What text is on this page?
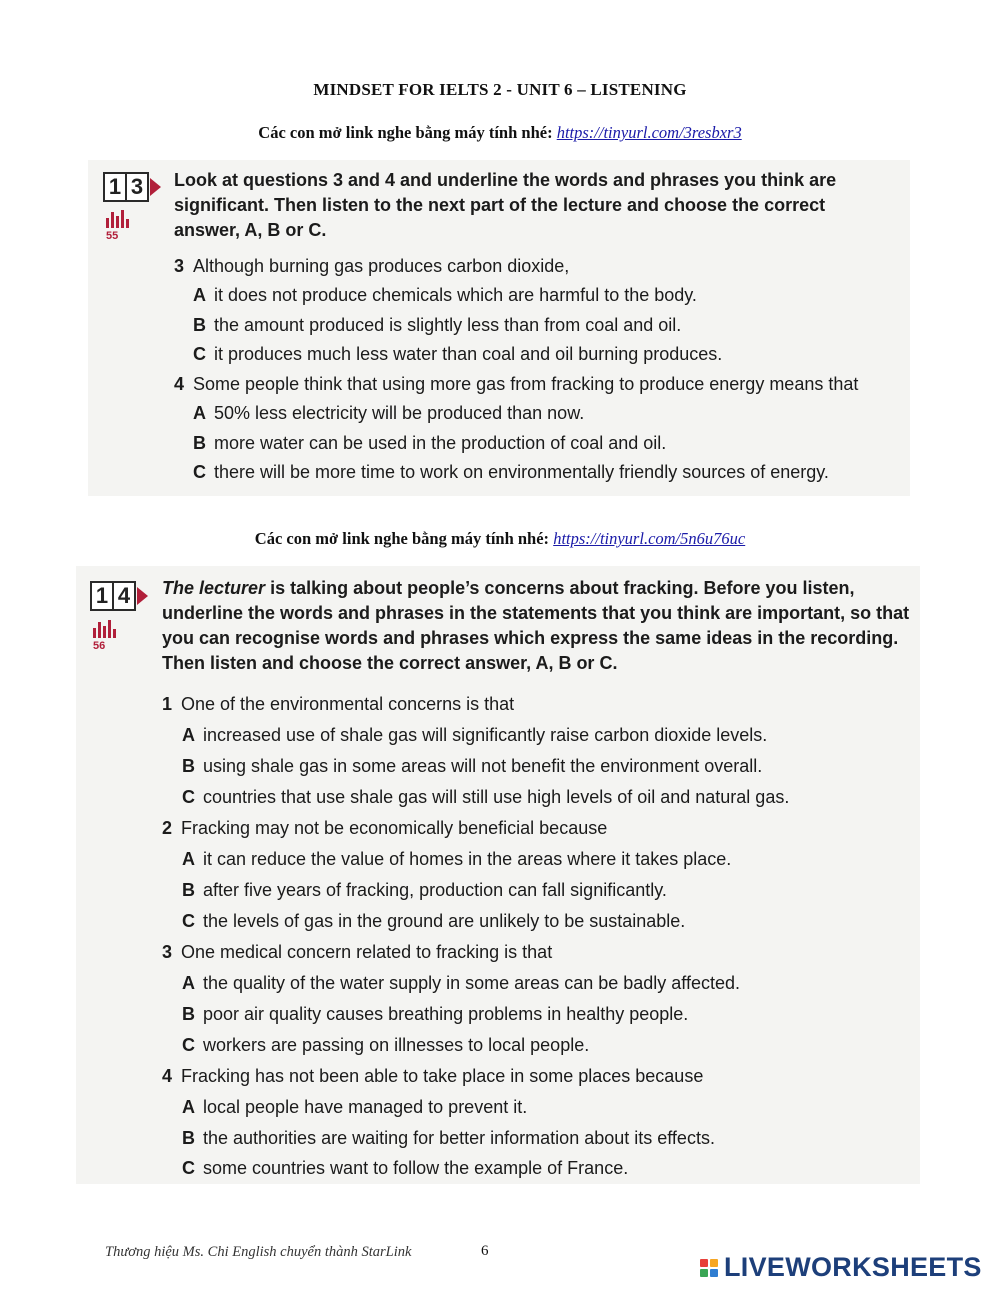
MINDSET FOR IELTS 2 - UNIT 6 – LISTENING
Các con mở link nghe bằng máy tính nhé: https://tinyurl.com/3resbxr3
1 3
55
Look at questions 3 and 4 and underline the words and phrases you think are significant. Then listen to the next part of the lecture and choose the correct answer, A, B or C.
3 Although burning gas produces carbon dioxide,
A it does not produce chemicals which are harmful to the body.
B the amount produced is slightly less than from coal and oil.
C it produces much less water than coal and oil burning produces.
4 Some people think that using more gas from fracking to produce energy means that
A 50% less electricity will be produced than now.
B more water can be used in the production of coal and oil.
C there will be more time to work on environmentally friendly sources of energy.
Các con mở link nghe bằng máy tính nhé: https://tinyurl.com/5n6u76uc
1 4
56
The lecturer is talking about people’s concerns about fracking. Before you listen, underline the words and phrases in the statements that you think are important, so that you can recognise words and phrases which express the same ideas in the recording. Then listen and choose the correct answer, A, B or C.
1 One of the environmental concerns is that
A increased use of shale gas will significantly raise carbon dioxide levels.
B using shale gas in some areas will not benefit the environment overall.
C countries that use shale gas will still use high levels of oil and natural gas.
2 Fracking may not be economically beneficial because
A it can reduce the value of homes in the areas where it takes place.
B after five years of fracking, production can fall significantly.
C the levels of gas in the ground are unlikely to be sustainable.
3 One medical concern related to fracking is that
A the quality of the water supply in some areas can be badly affected.
B poor air quality causes breathing problems in healthy people.
C workers are passing on illnesses to local people.
4 Fracking has not been able to take place in some places because
A local people have managed to prevent it.
B the authorities are waiting for better information about its effects.
C some countries want to follow the example of France.
Thương hiệu Ms. Chi English chuyển thành StarLink	6
LIVEWORKSHEETS
